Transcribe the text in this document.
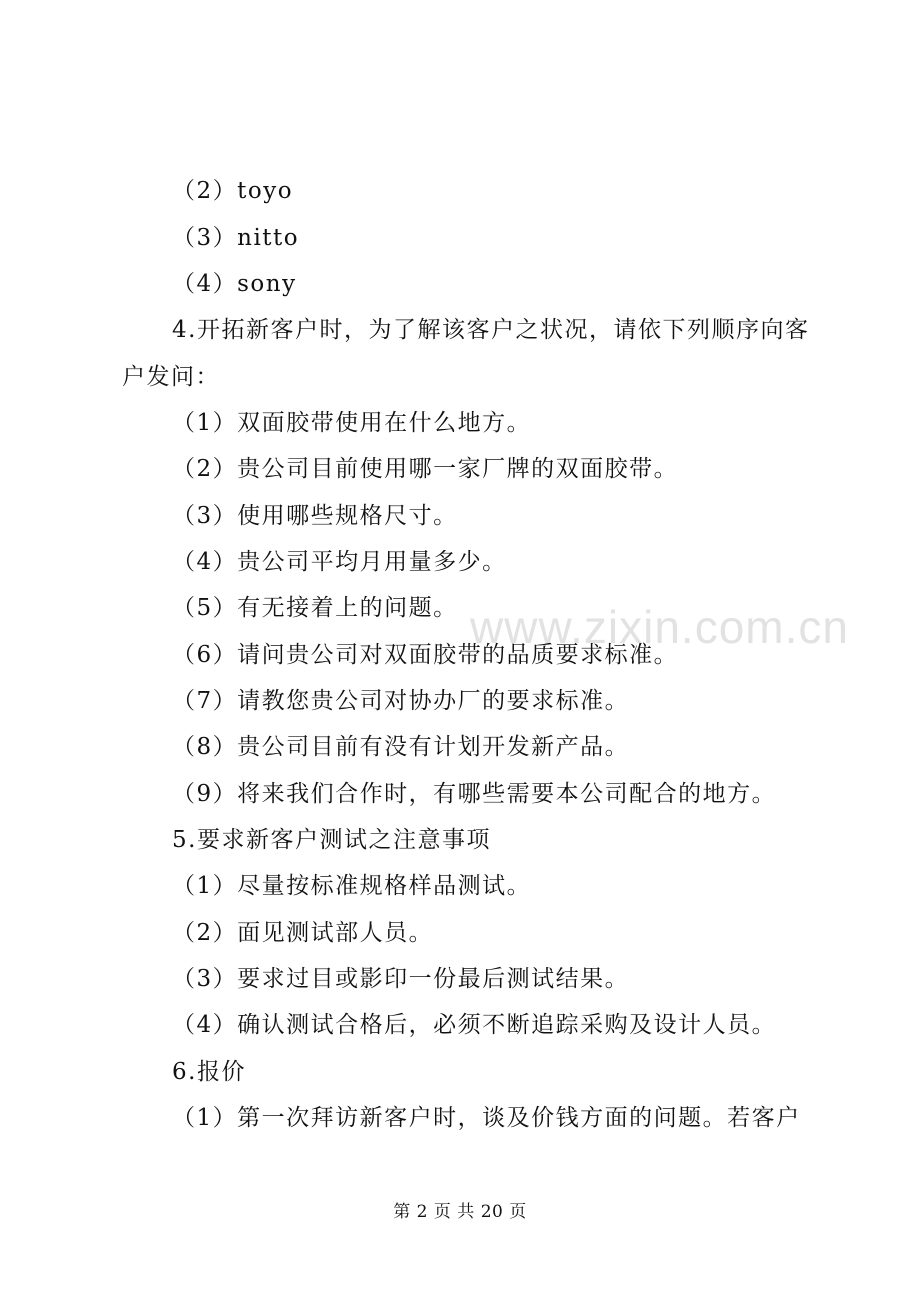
（2）toyo
（3）nitto
（4）sony
4.开拓新客户时，为了解该客户之状况，请依下列顺序向客
户发问：
（1）双面胶带使用在什么地方。
（2）贵公司目前使用哪一家厂牌的双面胶带。
（3）使用哪些规格尺寸。
（4）贵公司平均月用量多少。
（5）有无接着上的问题。
（6）请问贵公司对双面胶带的品质要求标准。
（7）请教您贵公司对协办厂的要求标准。
（8）贵公司目前有没有计划开发新产品。
（9）将来我们合作时，有哪些需要本公司配合的地方。
5.要求新客户测试之注意事项
（1）尽量按标准规格样品测试。
（2）面见测试部人员。
（3）要求过目或影印一份最后测试结果。
（4）确认测试合格后，必须不断追踪采购及设计人员。
6.报价
（1）第一次拜访新客户时，谈及价钱方面的问题。若客户
www.zixin.com.cn
第 2 页 共 20 页
